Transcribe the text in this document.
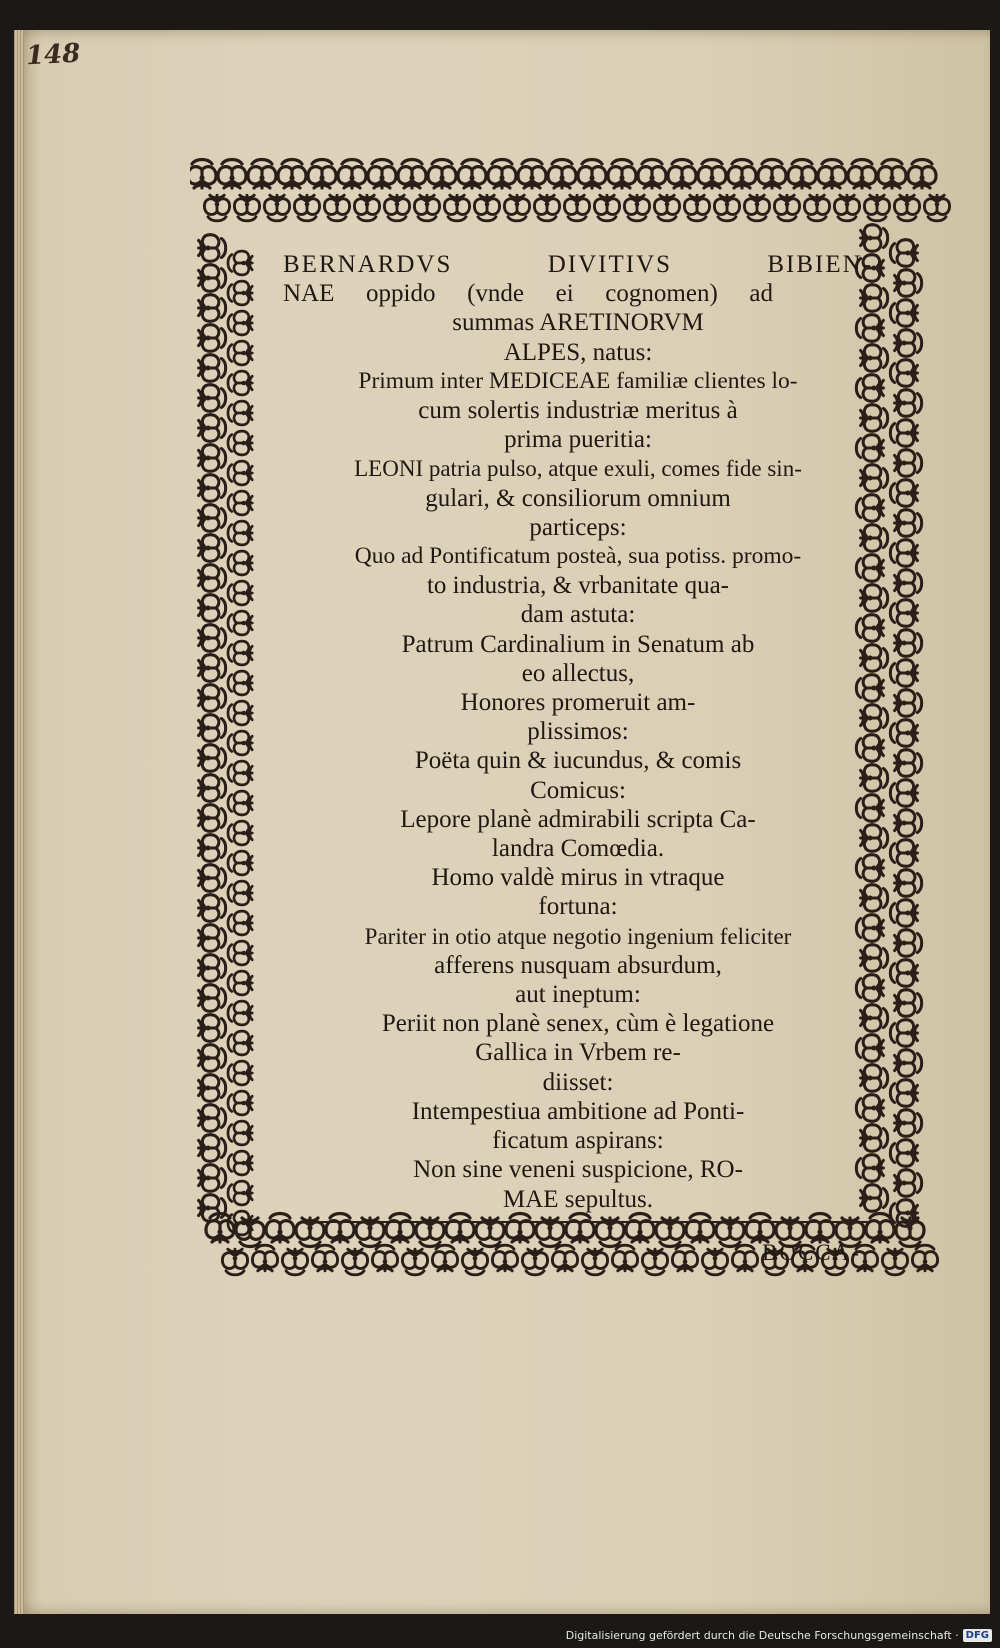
148
BERNARDVS DIVITIVS BIBIEN-
NAE oppido (vnde ei cognomen) ad
summas ARETINORVM
ALPES, natus:
Primum inter MEDICEAE familiæ clientes lo-
cum solertis industriæ meritus à
prima pueritia:
LEONI patria pulso, atque exuli, comes fide sin-
gulari, & consiliorum omnium
particeps:
Quo ad Pontificatum posteà, sua potiss. promo-
to industria, & vrbanitate qua-
dam astuta:
Patrum Cardinalium in Senatum ab
eo allectus,
Honores promeruit am-
plissimos:
Poëta quin & iucundus, & comis
Comicus:
Lepore planè admirabili scripta Ca-
landra Comœdia.
Homo valdè mirus in vtraque
fortuna:
Pariter in otio atque negotio ingenium feliciter
afferens nusquam absurdum,
aut ineptum:
Periit non planè senex, cùm è legatione
Gallica in Vrbem re-
diisset:
Intempestiua ambitione ad Ponti-
ficatum aspirans:
Non sine veneni suspicione, RO-
MAE sepultus.
BOCCA-
Digitalisierung gefördert durch die Deutsche Forschungsgemeinschaft · DFG
